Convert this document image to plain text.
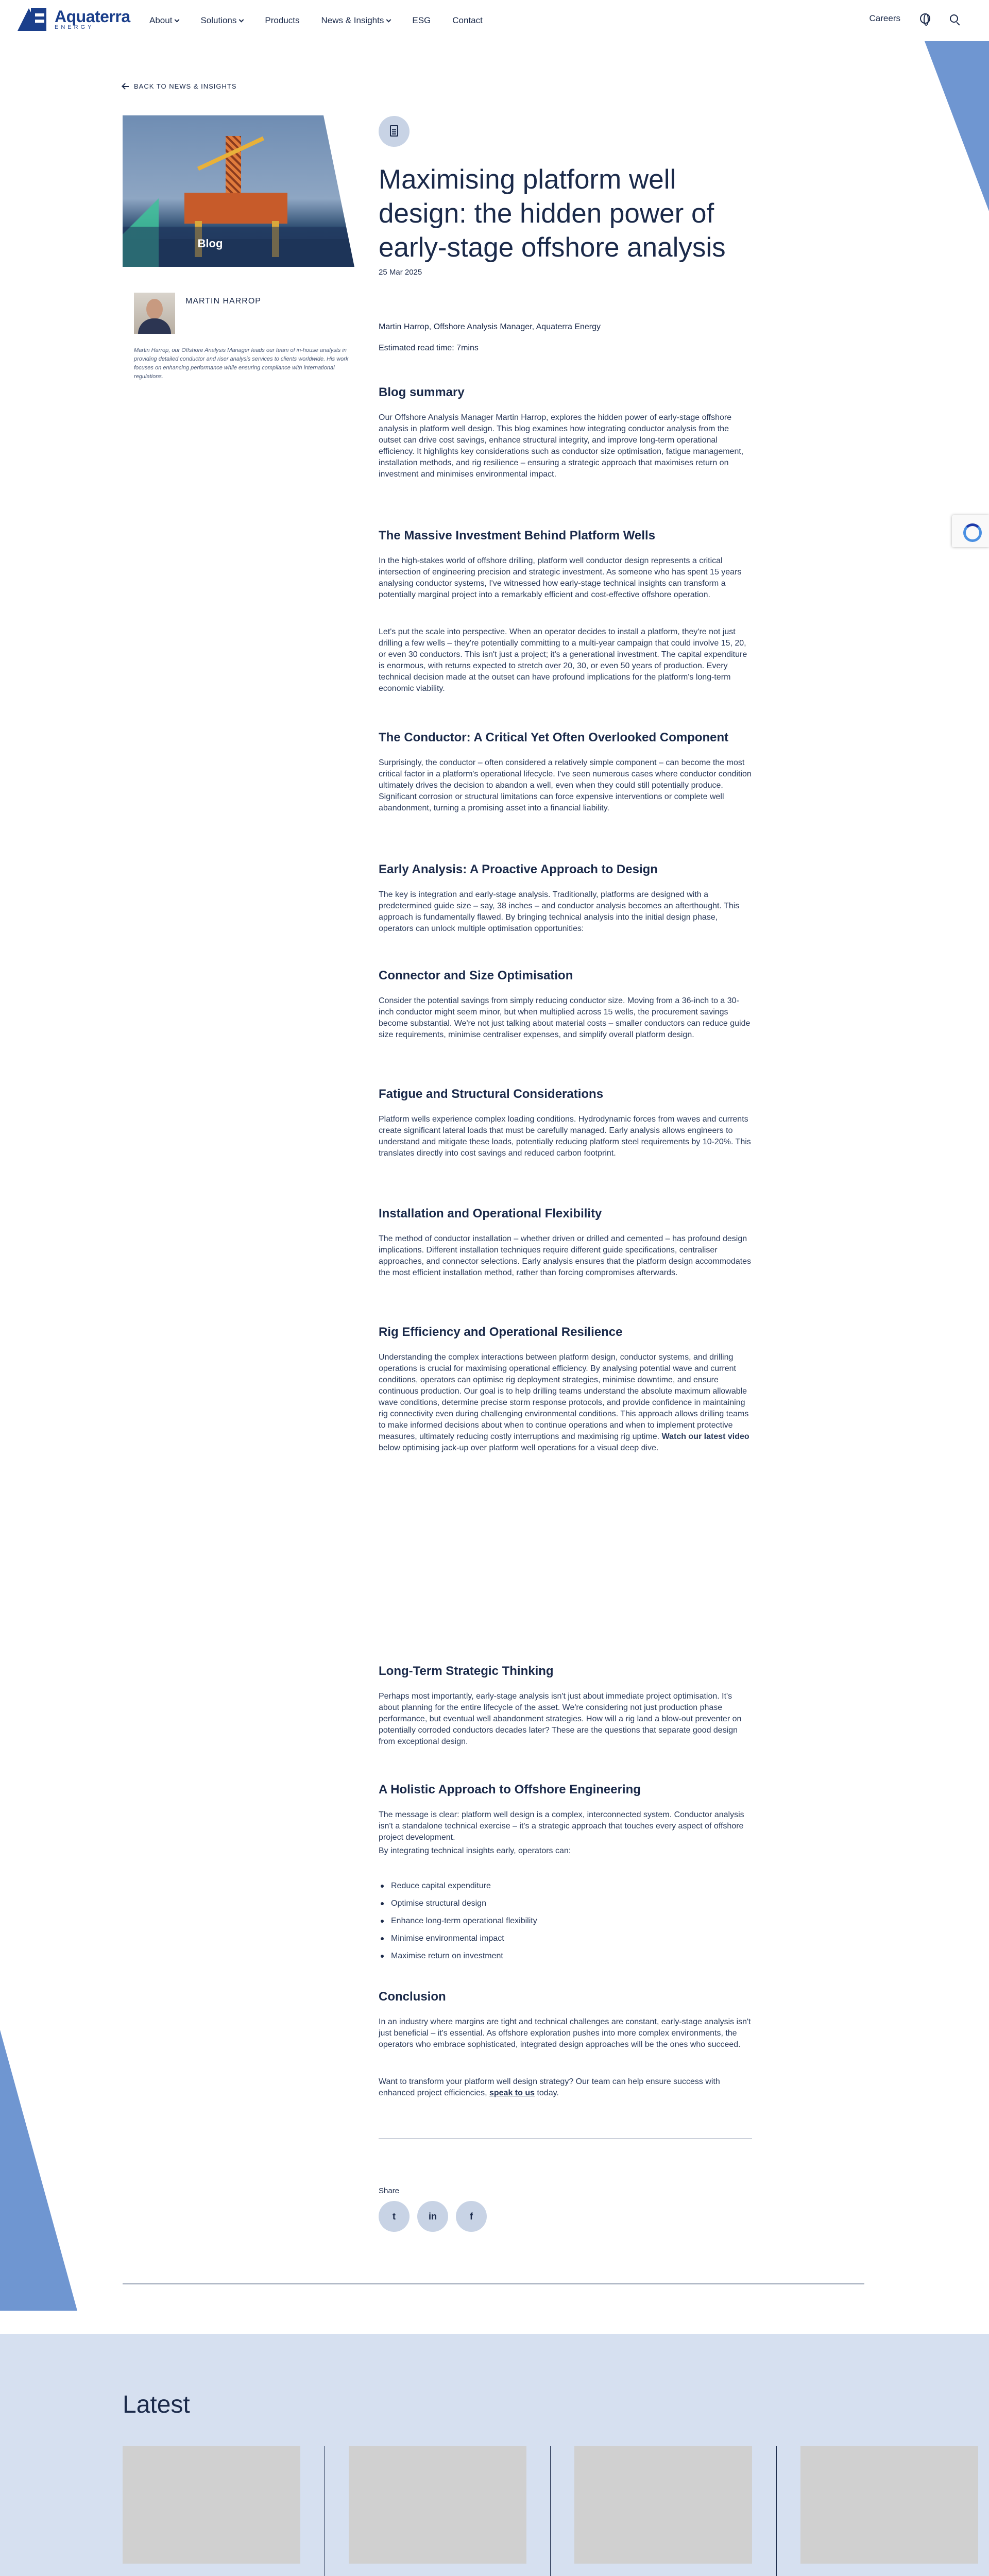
Aquaterra
ENERGY
About	Solutions	Products News & Insights	ESG Contact	Careers
BACK TO NEWS & INSIGHTS
Blog
MARTIN HARROP
Martin Harrop, our Offshore Analysis Manager leads our team of in-house analysts in providing detailed conductor and riser analysis services to clients worldwide. His work focuses on enhancing performance while ensuring compliance with international regulations.
Maximising platform well design: the hidden power of early-stage offshore analysis
25 Mar 2025
Martin Harrop, Offshore Analysis Manager, Aquaterra Energy
Estimated read time: 7mins
Blog summary

Our Offshore Analysis Manager Martin Harrop, explores the hidden power of early-stage offshore analysis in platform well design. This blog examines how integrating conductor analysis from the outset can drive cost savings, enhance structural integrity, and improve long-term operational efficiency. It highlights key considerations such as conductor size optimisation, fatigue management, installation methods, and rig resilience – ensuring a strategic approach that maximises return on investment and minimises environmental impact.

The Massive Investment Behind Platform Wells

In the high-stakes world of offshore drilling, platform well conductor design represents a critical intersection of engineering precision and strategic investment. As someone who has spent 15 years analysing conductor systems, I've witnessed how early-stage technical insights can transform a potentially marginal project into a remarkably efficient and cost-effective offshore operation.

Let's put the scale into perspective. When an operator decides to install a platform, they're not just drilling a few wells – they're potentially committing to a multi-year campaign that could involve 15, 20, or even 30 conductors. This isn't just a project; it's a generational investment. The capital expenditure is enormous, with returns expected to stretch over 20, 30, or even 50 years of production. Every technical decision made at the outset can have profound implications for the platform's long-term economic viability.

The Conductor: A Critical Yet Often Overlooked Component

Surprisingly, the conductor – often considered a relatively simple component – can become the most critical factor in a platform's operational lifecycle. I've seen numerous cases where conductor condition ultimately drives the decision to abandon a well, even when they could still potentially produce. Significant corrosion or structural limitations can force expensive interventions or complete well abandonment, turning a promising asset into a financial liability.

Early Analysis: A Proactive Approach to Design

The key is integration and early-stage analysis. Traditionally, platforms are designed with a predetermined guide size – say, 38 inches – and conductor analysis becomes an afterthought. This approach is fundamentally flawed. By bringing technical analysis into the initial design phase, operators can unlock multiple optimisation opportunities:

Connector and Size Optimisation

Consider the potential savings from simply reducing conductor size. Moving from a 36-inch to a 30-inch conductor might seem minor, but when multiplied across 15 wells, the procurement savings become substantial. We're not just talking about material costs – smaller conductors can reduce guide size requirements, minimise centraliser expenses, and simplify overall platform design.

Fatigue and Structural Considerations

Platform wells experience complex loading conditions. Hydrodynamic forces from waves and currents create significant lateral loads that must be carefully managed. Early analysis allows engineers to understand and mitigate these loads, potentially reducing platform steel requirements by 10-20%. This translates directly into cost savings and reduced carbon footprint.

Installation and Operational Flexibility

The method of conductor installation – whether driven or drilled and cemented – has profound design implications. Different installation techniques require different guide specifications, centraliser approaches, and connector selections. Early analysis ensures that the platform design accommodates the most efficient installation method, rather than forcing compromises afterwards.

Rig Efficiency and Operational Resilience

Understanding the complex interactions between platform design, conductor systems, and drilling operations is crucial for maximising operational efficiency. By analysing potential wave and current conditions, operators can optimise rig deployment strategies, minimise downtime, and ensure continuous production. Our goal is to help drilling teams understand the absolute maximum allowable wave conditions, determine precise storm response protocols, and provide confidence in maintaining rig connectivity even during challenging environmental conditions. This approach allows drilling teams to make informed decisions about when to continue operations and when to implement protective measures, ultimately reducing costly interruptions and maximising rig uptime. Watch our latest video below optimising jack-up over platform well operations for a visual deep dive.

Long-Term Strategic Thinking

Perhaps most importantly, early-stage analysis isn't just about immediate project optimisation. It's about planning for the entire lifecycle of the asset. We're considering not just production phase performance, but eventual well abandonment strategies. How will a rig land a blow-out preventer on potentially corroded conductors decades later? These are the questions that separate good design from exceptional design.

A Holistic Approach to Offshore Engineering

The message is clear: platform well design is a complex, interconnected system. Conductor analysis isn't a standalone technical exercise – it's a strategic approach that touches every aspect of offshore project development.

By integrating technical insights early, operators can:

Reduce capital expenditure
Optimise structural design
Enhance long-term operational flexibility
Minimise environmental impact
Maximise return on investment
Conclusion

In an industry where margins are tight and technical challenges are constant, early-stage analysis isn't just beneficial – it's essential. As offshore exploration pushes into more complex environments, the operators who embrace sophisticated, integrated design approaches will be the ones who succeed.

Want to transform your platform well design strategy? Our team can help ensure success with enhanced project efficiencies, speak to us today.

Share
t	in	f
Latest
